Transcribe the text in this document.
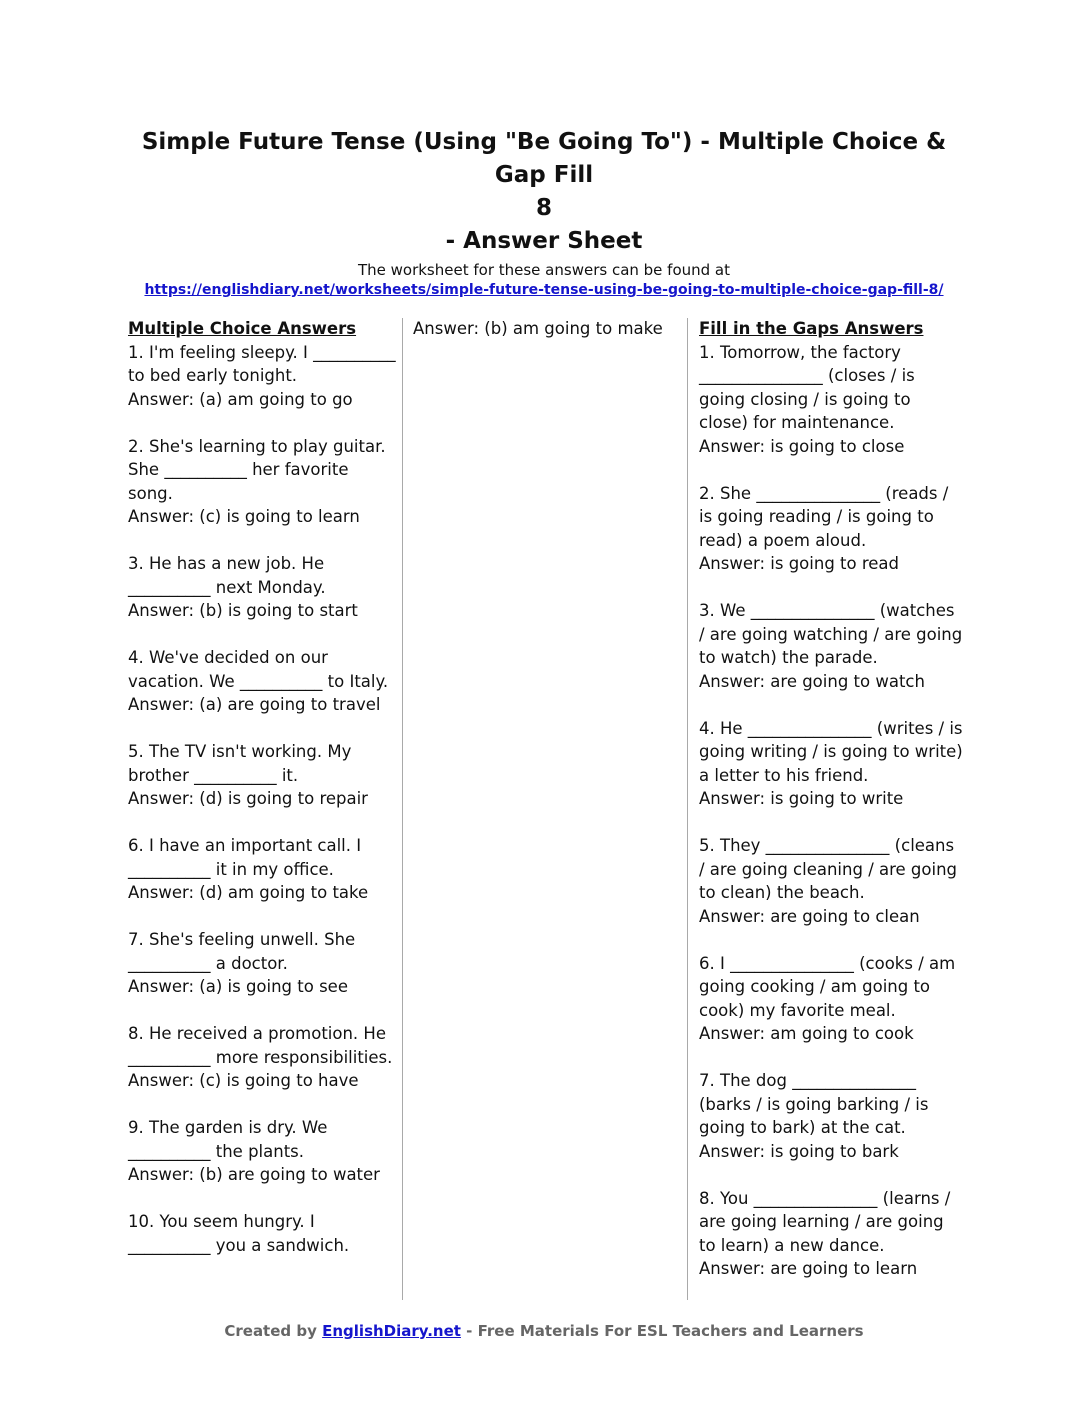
Simple Future Tense (Using "Be Going To") - Multiple Choice & Gap Fill
8
- Answer Sheet
The worksheet for these answers can be found at
https://englishdiary.net/worksheets/simple-future-tense-using-be-going-to-multiple-choice-gap-fill-8/
Multiple Choice Answers
1. I'm feeling sleepy. I __________ to bed early tonight.
Answer: (a) am going to go
2. She's learning to play guitar. She __________ her favorite song.
Answer: (c) is going to learn
3. He has a new job. He __________ next Monday.
Answer: (b) is going to start
4. We've decided on our vacation. We __________ to Italy.
Answer: (a) are going to travel
5. The TV isn't working. My brother __________ it.
Answer: (d) is going to repair
6. I have an important call. I __________ it in my office.
Answer: (d) am going to take
7. She's feeling unwell. She __________ a doctor.
Answer: (a) is going to see
8. He received a promotion. He __________ more responsibilities.
Answer: (c) is going to have
9. The garden is dry. We __________ the plants.
Answer: (b) are going to water
10. You seem hungry. I __________ you a sandwich.
Answer: (b) am going to make	Fill in the Gaps Answers
1. Tomorrow, the factory _______________ (closes / is going closing / is going to close) for maintenance.
Answer: is going to close
2. She _______________ (reads / is going reading / is going to read) a poem aloud.
Answer: is going to read
3. We _______________ (watches / are going watching / are going to watch) the parade.
Answer: are going to watch
4. He _______________ (writes / is going writing / is going to write) a letter to his friend.
Answer: is going to write
5. They _______________ (cleans / are going cleaning / are going to clean) the beach.
Answer: are going to clean
6. I _______________ (cooks / am going cooking / am going to cook) my favorite meal.
Answer: am going to cook
7. The dog _______________ (barks / is going barking / is going to bark) at the cat.
Answer: is going to bark
8. You _______________ (learns / are going learning / are going to learn) a new dance.
Answer: are going to learn
Created by EnglishDiary.net - Free Materials For ESL Teachers and Learners
